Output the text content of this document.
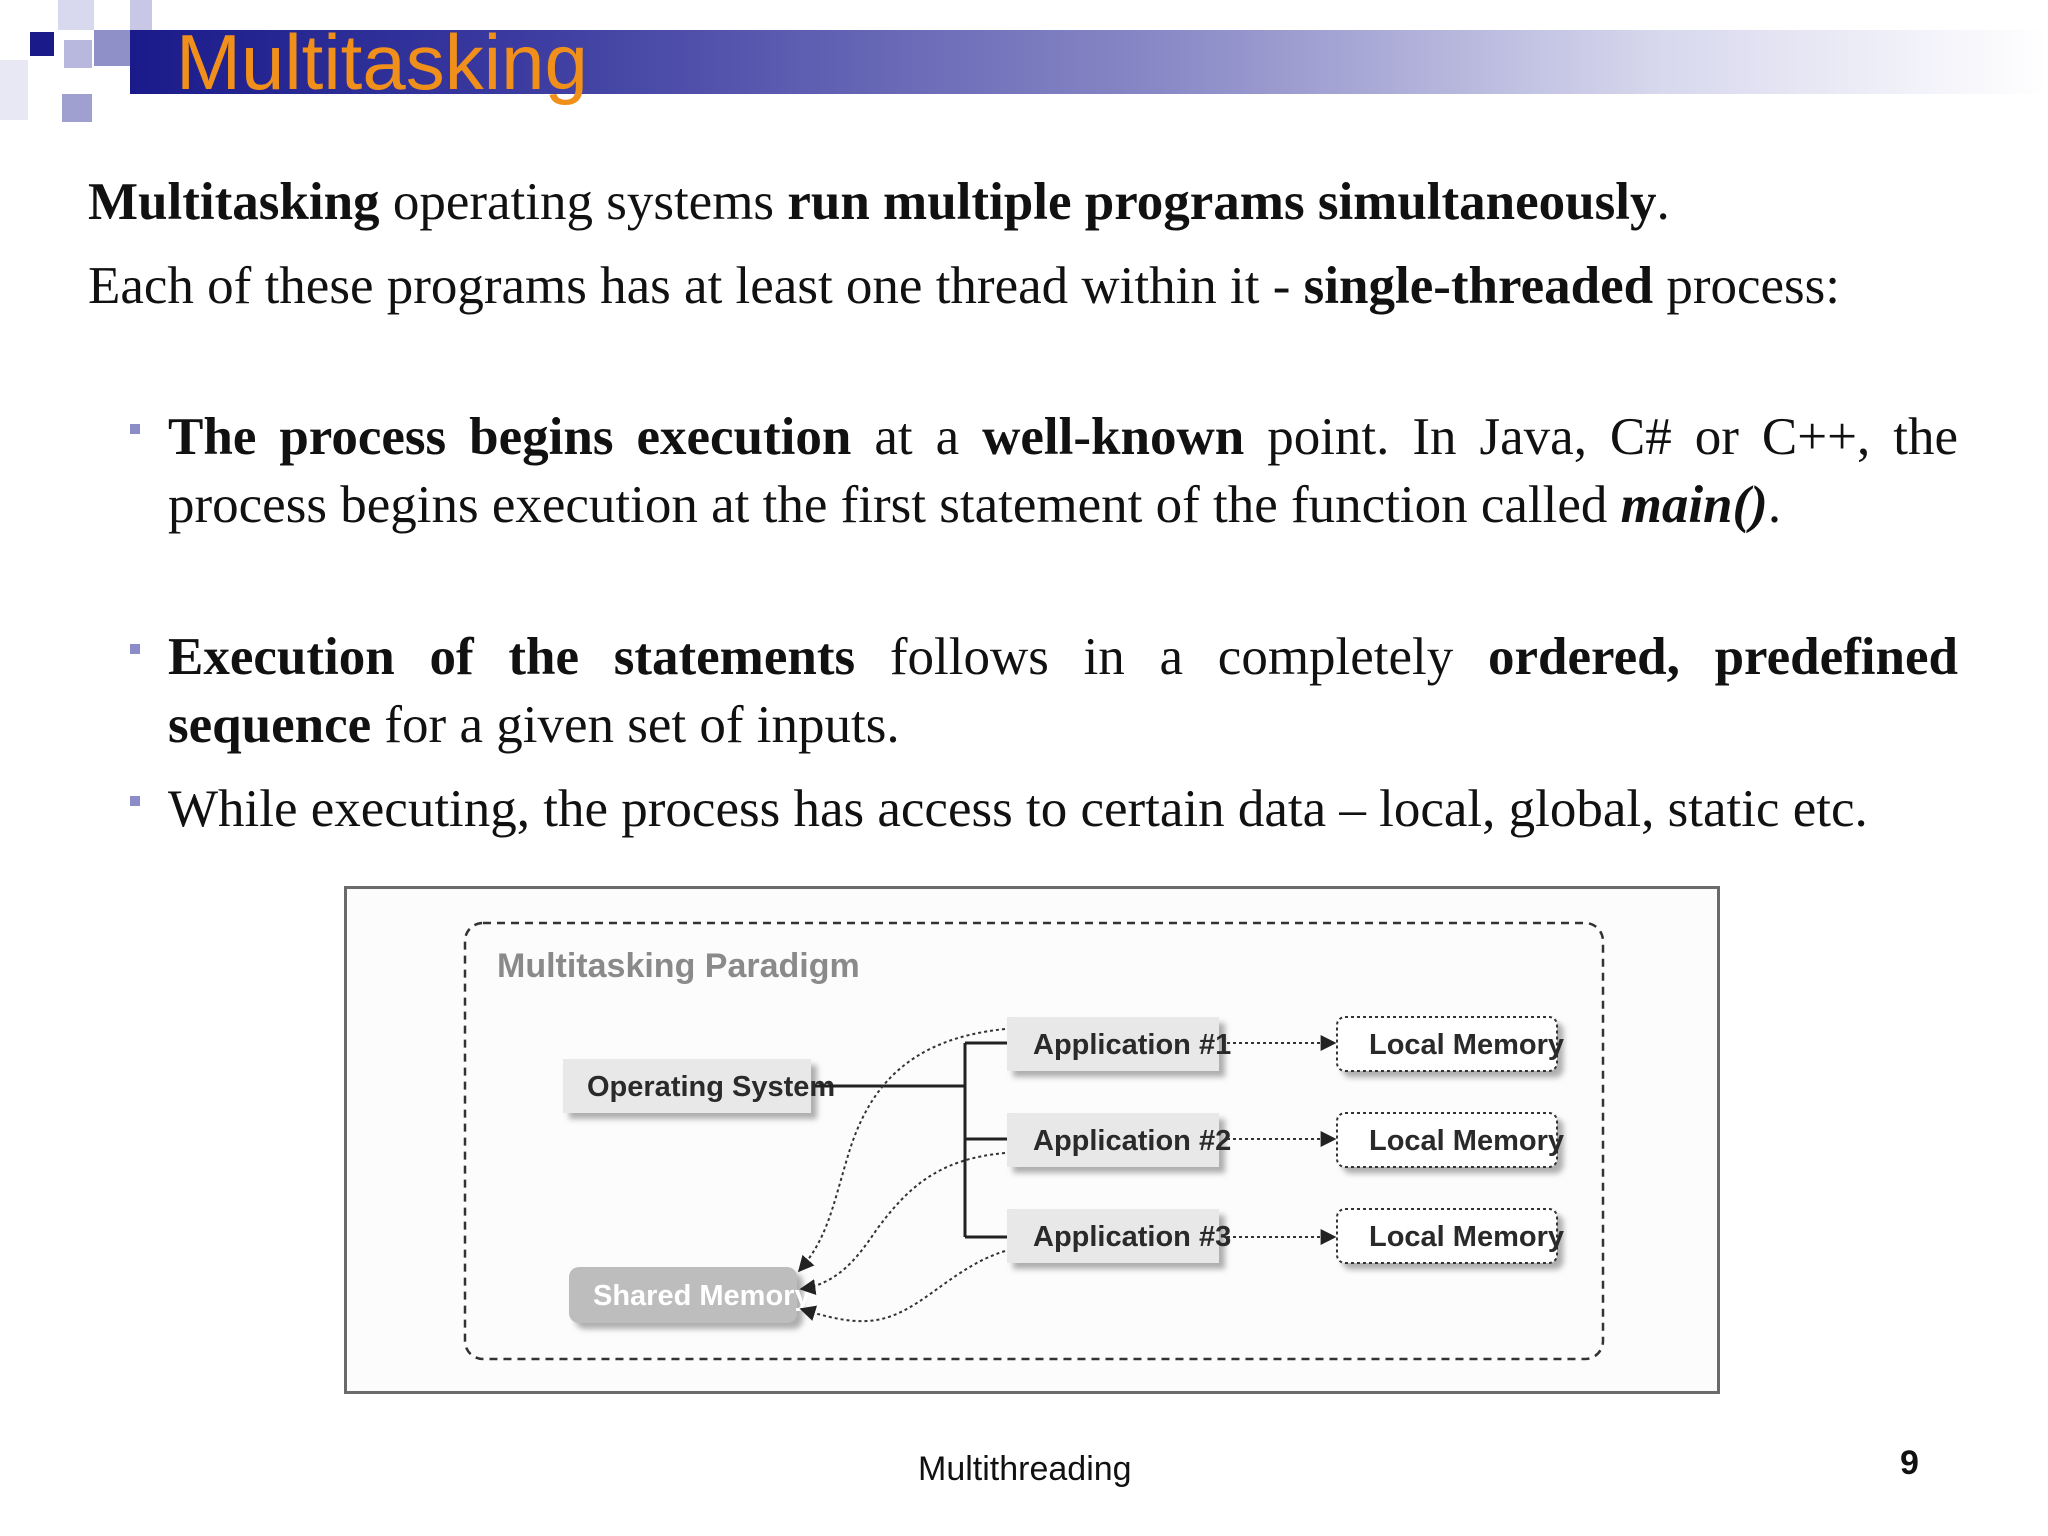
Multitasking

Multitasking operating systems run multiple programs simultaneously.

Each of these programs has at least one thread within it - single-threaded process:

The process begins execution at a well-known point. In Java, C# or C++, the process begins execution at the first statement of the function called main().

Execution of the statements follows in a completely ordered, predefined sequence for a given set of inputs.

While executing, the process has access to certain data – local, global, static etc.

Multitasking Paradigm
Operating System
Application #1
Application #2
Application #3
Local Memory
Local Memory
Local Memory
Shared Memory

Multithreading	9
